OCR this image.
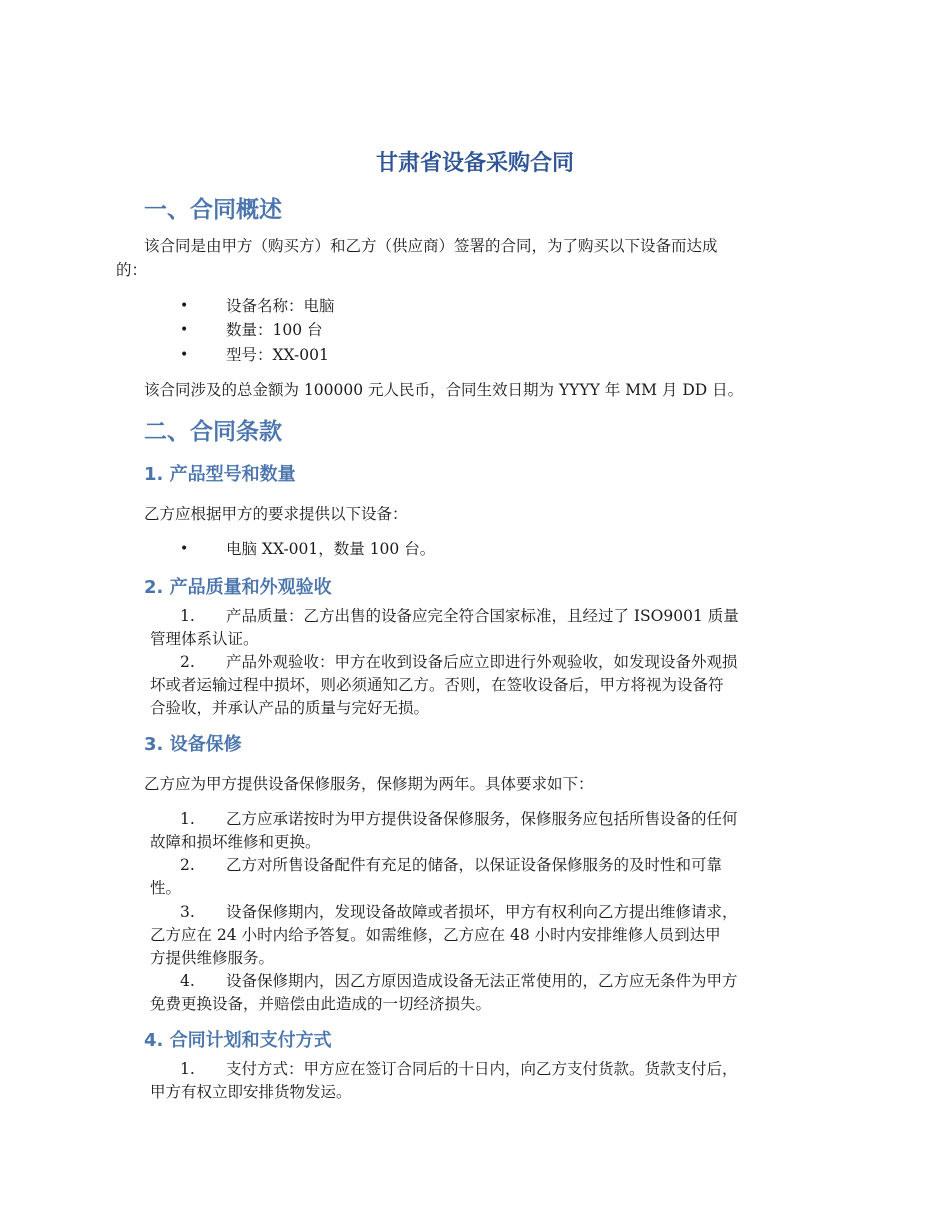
甘肃省设备采购合同
一、合同概述
该合同是由甲方（购买方）和乙方（供应商）签署的合同，为了购买以下设备而达成
的：
• 设备名称：电脑
• 数量：100 台
• 型号：XX-001
该合同涉及的总金额为 100000 元人民币，合同生效日期为 YYYY 年 MM 月 DD 日。
二、合同条款
1. 产品型号和数量
乙方应根据甲方的要求提供以下设备：
• 电脑 XX-001，数量 100 台。
2. 产品质量和外观验收
1. 产品质量：乙方出售的设备应完全符合国家标准，且经过了 ISO9001 质量
管理体系认证。
2. 产品外观验收：甲方在收到设备后应立即进行外观验收，如发现设备外观损
坏或者运输过程中损坏，则必须通知乙方。否则，在签收设备后，甲方将视为设备符
合验收，并承认产品的质量与完好无损。
3. 设备保修
乙方应为甲方提供设备保修服务，保修期为两年。具体要求如下：
1. 乙方应承诺按时为甲方提供设备保修服务，保修服务应包括所售设备的任何
故障和损坏维修和更换。
2. 乙方对所售设备配件有充足的储备，以保证设备保修服务的及时性和可靠
性。
3. 设备保修期内，发现设备故障或者损坏，甲方有权利向乙方提出维修请求，
乙方应在 24 小时内给予答复。如需维修，乙方应在 48 小时内安排维修人员到达甲
方提供维修服务。
4. 设备保修期内，因乙方原因造成设备无法正常使用的，乙方应无条件为甲方
免费更换设备，并赔偿由此造成的一切经济损失。
4. 合同计划和支付方式
1. 支付方式：甲方应在签订合同后的十日内，向乙方支付货款。货款支付后，
甲方有权立即安排货物发运。
